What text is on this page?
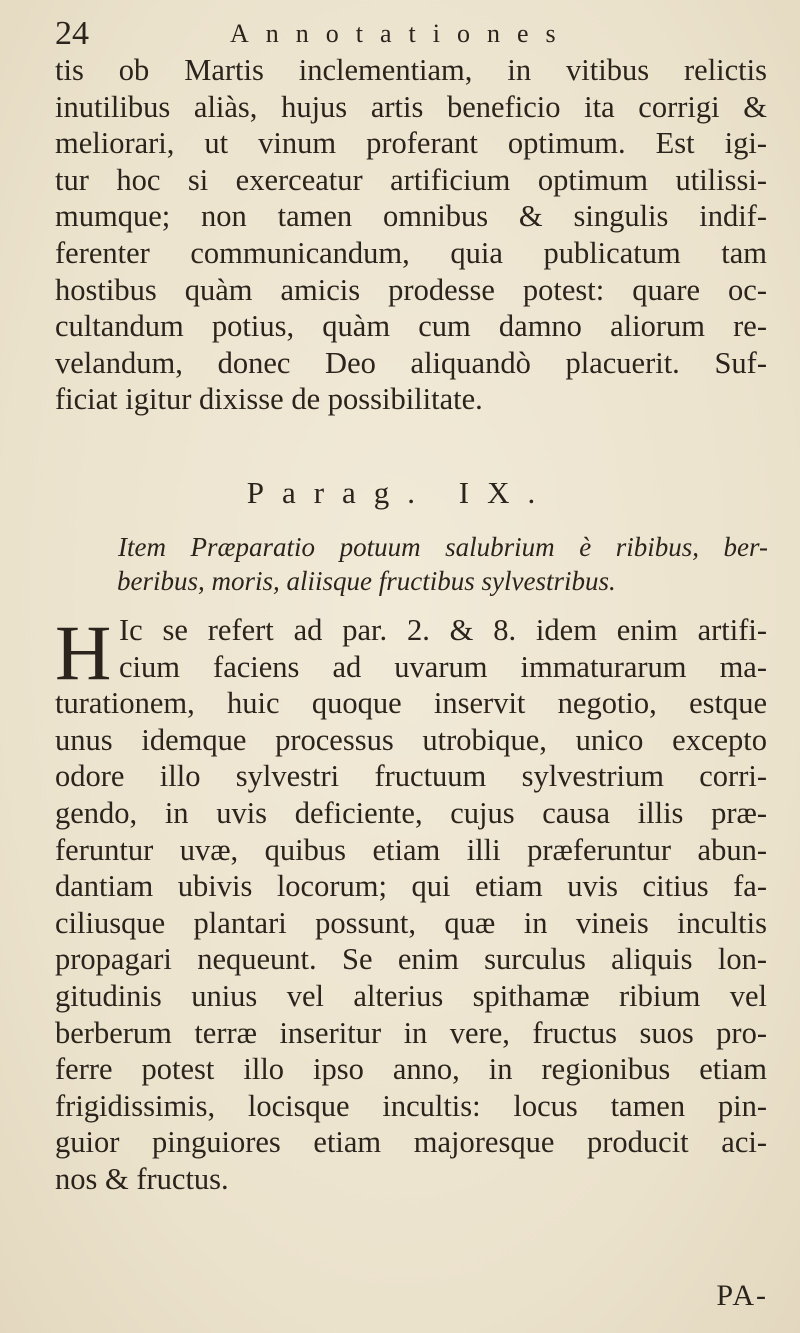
24	Annotationes
tis ob Martis inclementiam, in vitibus relictis
inutilibus aliàs, hujus artis beneficio ita corrigi &
meliorari, ut vinum proferant optimum. Est igi-
tur hoc si exerceatur artificium optimum utilissi-
mumque; non tamen omnibus & singulis indif-
ferenter communicandum, quia publicatum tam
hostibus quàm amicis prodesse potest: quare oc-
cultandum potius, quàm cum damno aliorum re-
velandum, donec Deo aliquandò placuerit. Suf-
ficiat igitur dixisse de possibilitate.
Parag. IX.
Item Præparatio potuum salubrium è ribibus, ber-
beribus, moris, aliisque fructibus sylvestribus.
H Ic se refert ad par. 2. & 8. idem enim artifi-
cium faciens ad uvarum immaturarum ma-
turationem, huic quoque inservit negotio, estque
unus idemque processus utrobique, unico excepto
odore illo sylvestri fructuum sylvestrium corri-
gendo, in uvis deficiente, cujus causa illis præ-
feruntur uvæ, quibus etiam illi præferuntur abun-
dantiam ubivis locorum; qui etiam uvis citius fa-
ciliusque plantari possunt, quæ in vineis incultis
propagari nequeunt. Se enim surculus aliquis lon-
gitudinis unius vel alterius spithamæ ribium vel
berberum terræ inseritur in vere, fructus suos pro-
ferre potest illo ipso anno, in regionibus etiam
frigidissimis, locisque incultis: locus tamen pin-
guior pinguiores etiam majoresque producit aci-
nos & fructus.
PA-
